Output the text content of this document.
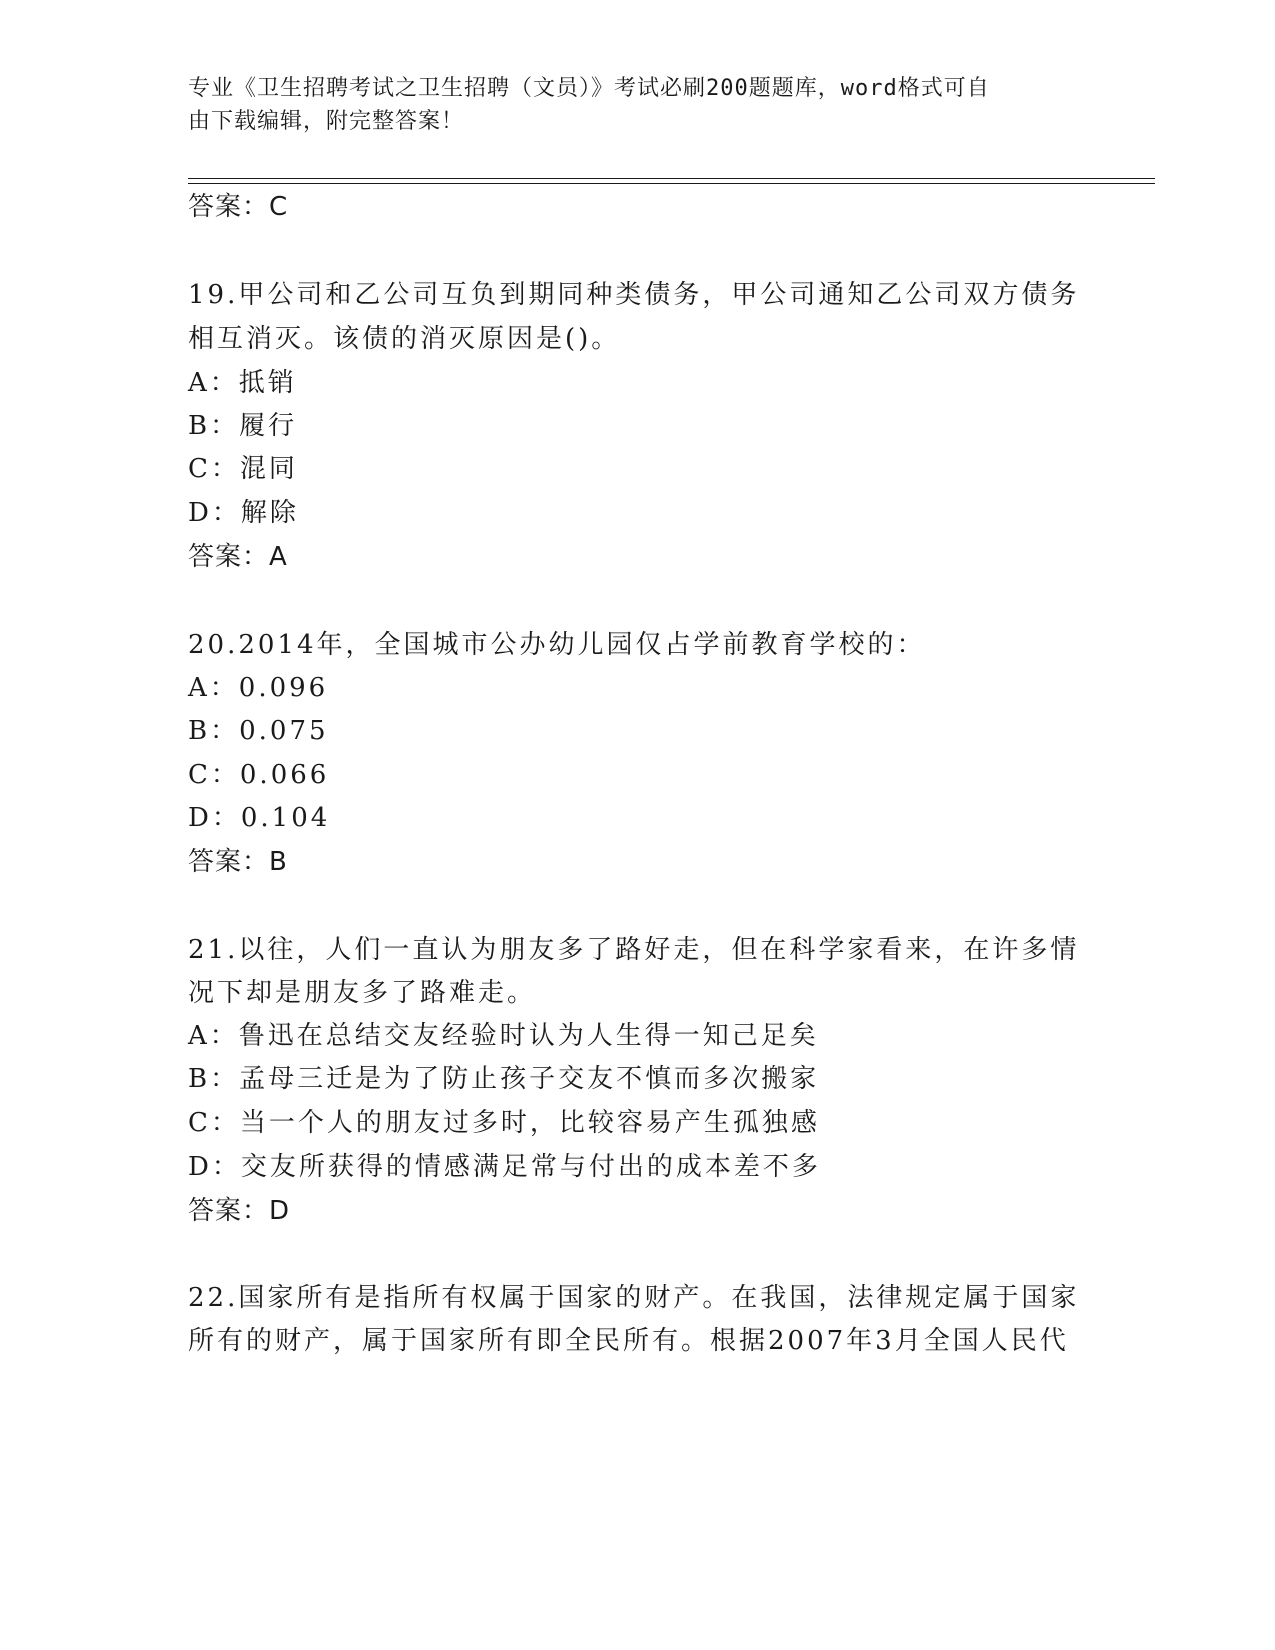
专业《卫生招聘考试之卫生招聘（文员）》考试必刷200题题库，word格式可自
由下载编辑，附完整答案！
答案：C
19.甲公司和乙公司互负到期同种类债务，甲公司通知乙公司双方债务
相互消灭。该债的消灭原因是()。
A：抵销
B：履行
C：混同
D：解除
答案：A
20.2014年，全国城市公办幼儿园仅占学前教育学校的：
A：0.096
B：0.075
C：0.066
D：0.104
答案：B
21.以往，人们一直认为朋友多了路好走，但在科学家看来，在许多情
况下却是朋友多了路难走。
A：鲁迅在总结交友经验时认为人生得一知己足矣
B：孟母三迁是为了防止孩子交友不慎而多次搬家
C：当一个人的朋友过多时，比较容易产生孤独感
D：交友所获得的情感满足常与付出的成本差不多
答案：D
22.国家所有是指所有权属于国家的财产。在我国，法律规定属于国家
所有的财产，属于国家所有即全民所有。根据2007年3月全国人民代
